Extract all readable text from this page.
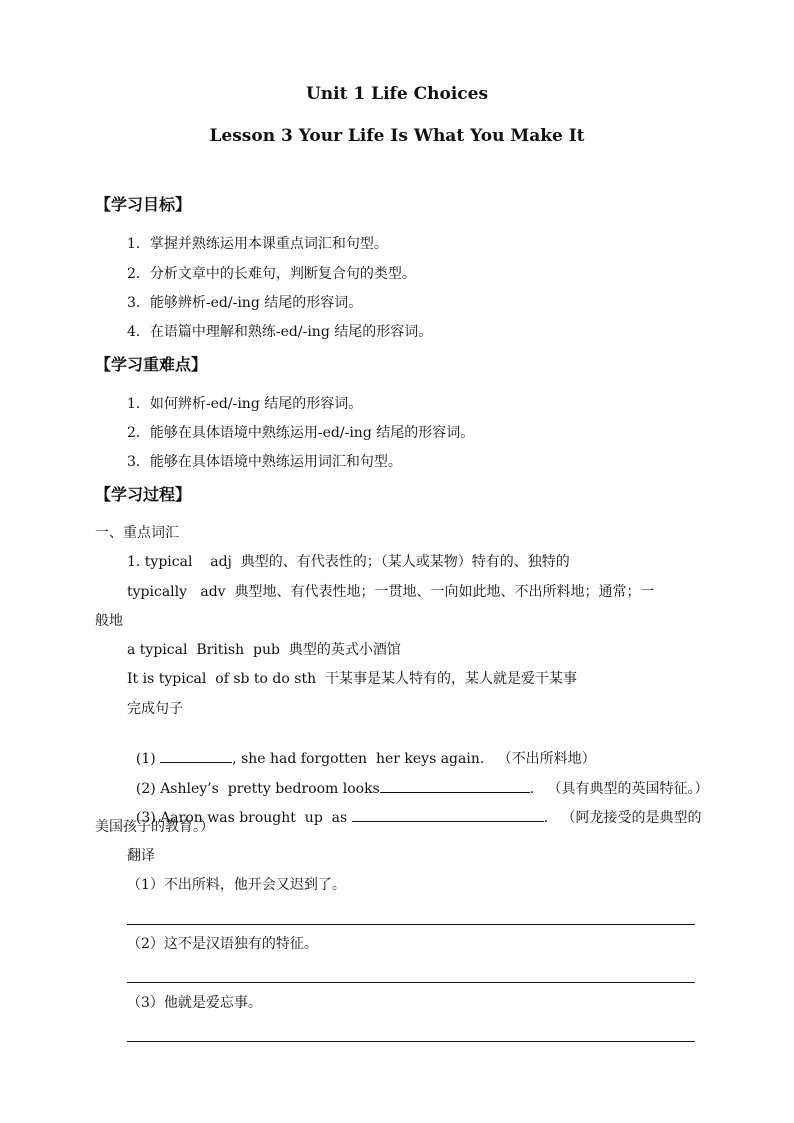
Unit 1 Life Choices
Lesson 3 Your Life Is What You Make It
【学习目标】
1．掌握并熟练运用本课重点词汇和句型。
2．分析文章中的长难句，判断复合句的类型。
3．能够辨析-ed/-ing 结尾的形容词。
4．在语篇中理解和熟练-ed/-ing 结尾的形容词。
【学习重难点】
1．如何辨析-ed/-ing 结尾的形容词。
2．能够在具体语境中熟练运用-ed/-ing 结尾的形容词。
3．能够在具体语境中熟练运用词汇和句型。
【学习过程】
一、重点词汇
1. typical    adj  典型的、有代表性的；（某人或某物）特有的、独特的
typically   adv  典型地、有代表性地；一贯地、一向如此地、不出所料地；通常；一
般地
a typical  British  pub  典型的英式小酒馆
It is typical  of sb to do sth  干某事是某人特有的，某人就是爱干某事
完成句子

(1)	, she had forgotten  her keys again.   （不出所料地）

(2) Ashley’s  pretty bedroom looks	.   （具有典型的英国特征。）

(3) Aaron was brought  up  as	.   （阿龙接受的是典型的

美国孩子的教育。）
翻译
（1）不出所料，他开会又迟到了。
（2）这不是汉语独有的特征。
（3）他就是爱忘事。
